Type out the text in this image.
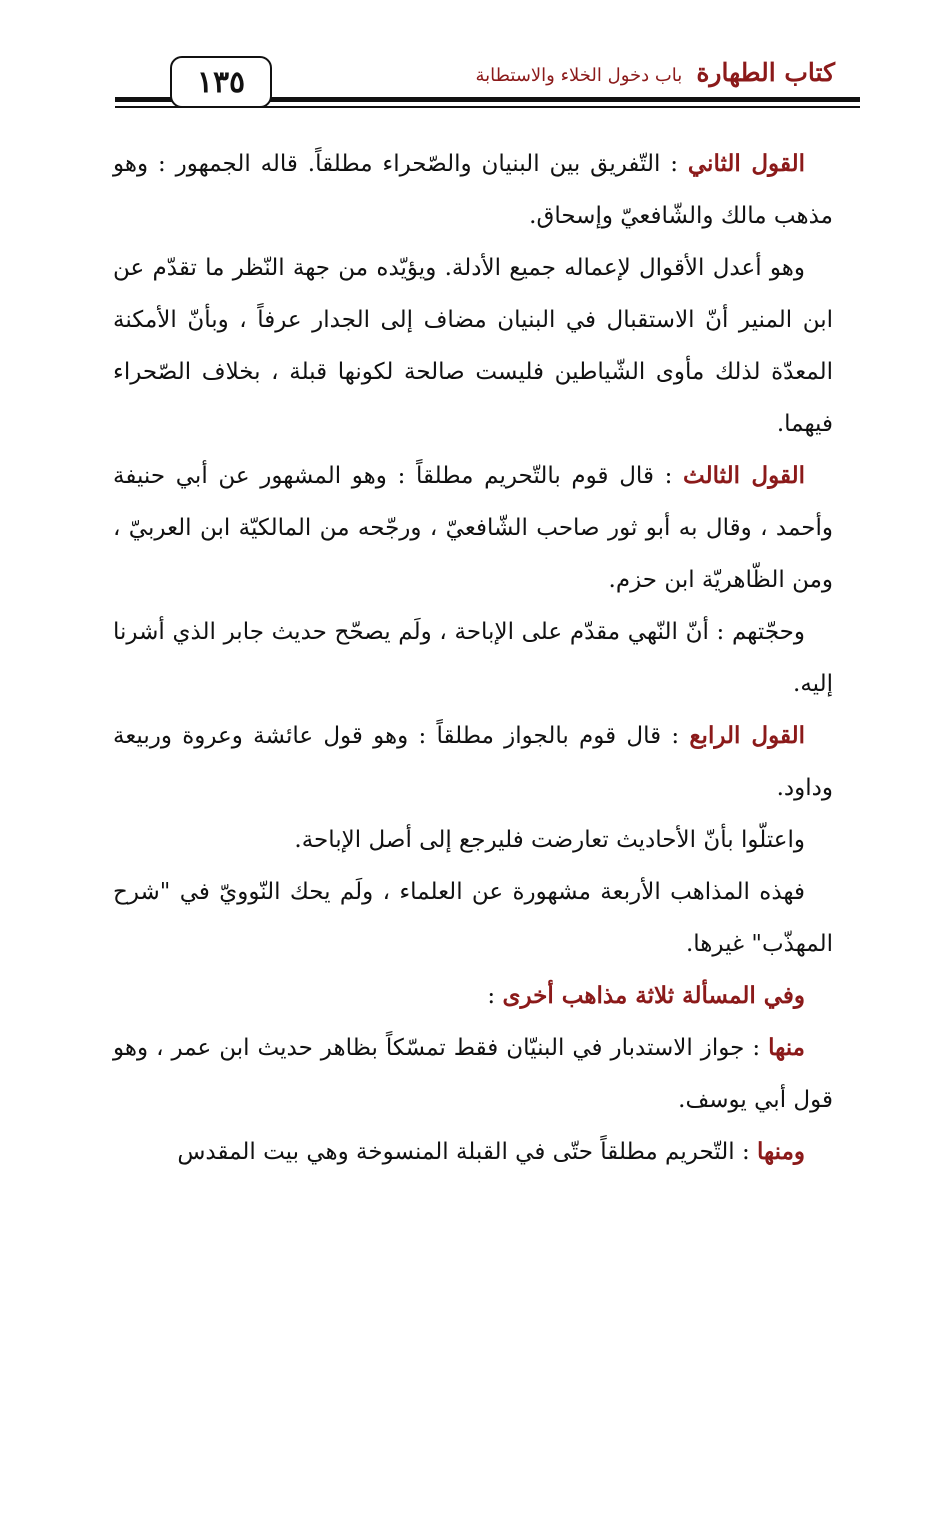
١٣٥	كتاب الطهارة
باب دخول الخلاء والاستطابة

القول الثاني : التّفريق بين البنيان والصّحراء مطلقاً. قاله الجمهور : وهو مذهب مالك والشّافعيّ وإسحاق.

وهو أعدل الأقوال لإعماله جميع الأدلة. ويؤيّده من جهة النّظر ما تقدّم عن ابن المنير أنّ الاستقبال في البنيان مضاف إلى الجدار عرفاً ، وبأنّ الأمكنة المعدّة لذلك مأوى الشّياطين فليست صالحة لكونها قبلة ، بخلاف الصّحراء فيهما.

القول الثالث : قال قوم بالتّحريم مطلقاً : وهو المشهور عن أبي حنيفة وأحمد ، وقال به أبو ثور صاحب الشّافعيّ ، ورجّحه من المالكيّة ابن العربيّ ، ومن الظّاهريّة ابن حزم.

وحجّتهم : أنّ النّهي مقدّم على الإباحة ، ولَم يصحّح حديث جابر الذي أشرنا إليه.

القول الرابع : قال قوم بالجواز مطلقاً : وهو قول عائشة وعروة وربيعة وداود.

واعتلّوا بأنّ الأحاديث تعارضت فليرجع إلى أصل الإباحة.

فهذه المذاهب الأربعة مشهورة عن العلماء ، ولَم يحك النّوويّ في "شرح المهذّب" غيرها.

وفي المسألة ثلاثة مذاهب أخرى :

منها : جواز الاستدبار في البنيّان فقط تمسّكاً بظاهر حديث ابن عمر ، وهو قول أبي يوسف.

ومنها : التّحريم مطلقاً حتّى في القبلة المنسوخة وهي بيت المقدس
